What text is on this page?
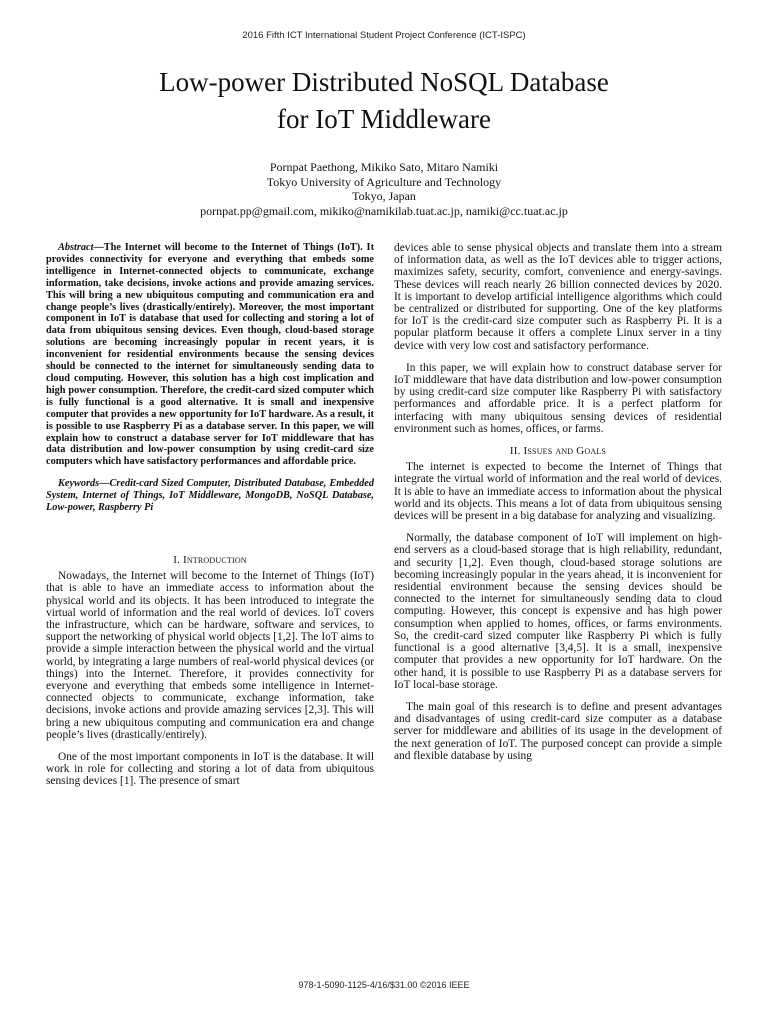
2016 Fifth ICT International Student Project Conference (ICT-ISPC)
Low-power Distributed NoSQL Database
for IoT Middleware
Pornpat Paethong, Mikiko Sato, Mitaro Namiki
Tokyo University of Agriculture and Technology
Tokyo, Japan
pornpat.pp@gmail.com, mikiko@namikilab.tuat.ac.jp, namiki@cc.tuat.ac.jp

Abstract—The Internet will become to the Internet of Things (IoT). It provides connectivity for everyone and everything that embeds some intelligence in Internet-connected objects to communicate, exchange information, take decisions, invoke actions and provide amazing services. This will bring a new ubiquitous computing and communication era and change people’s lives (drastically/entirely). Moreover, the most important component in IoT is database that used for collecting and storing a lot of data from ubiquitous sensing devices. Even though, cloud-based storage solutions are becoming increasingly popular in recent years, it is inconvenient for residential environments because the sensing devices should be connected to the internet for simultaneously sending data to cloud computing. However, this solution has a high cost implication and high power consumption. Therefore, the credit-card sized computer which is fully functional is a good alternative. It is small and inexpensive computer that provides a new opportunity for IoT hardware. As a result, it is possible to use Raspberry Pi as a database server. In this paper, we will explain how to construct a database server for IoT middleware that has data distribution and low-power consumption by using credit-card size computers which have satisfactory performances and affordable price.

Keywords—Credit-card Sized Computer, Distributed Database, Embedded System, Internet of Things, IoT Middleware, MongoDB, NoSQL Database, Low-power, Raspberry Pi

I. Introduction

Nowadays, the Internet will become to the Internet of Things (IoT) that is able to have an immediate access to information about the physical world and its objects. It has been introduced to integrate the virtual world of information and the real world of devices. IoT covers the infrastructure, which can be hardware, software and services, to support the networking of physical world objects [1,2]. The IoT aims to provide a simple interaction between the physical world and the virtual world, by integrating a large numbers of real-world physical devices (or things) into the Internet. Therefore, it provides connectivity for everyone and everything that embeds some intelligence in Internet-connected objects to communicate, exchange information, take decisions, invoke actions and provide amazing services [2,3]. This will bring a new ubiquitous computing and communication era and change people’s lives (drastically/entirely).

One of the most important components in IoT is the database. It will work in role for collecting and storing a lot of data from ubiquitous sensing devices [1]. The presence of smart

devices able to sense physical objects and translate them into a stream of information data, as well as the IoT devices able to trigger actions, maximizes safety, security, comfort, convenience and energy-savings. These devices will reach nearly 26 billion connected devices by 2020. It is important to develop artificial intelligence algorithms which could be centralized or distributed for supporting. One of the key platforms for IoT is the credit-card size computer such as Raspberry Pi. It is a popular platform because it offers a complete Linux server in a tiny device with very low cost and satisfactory performance.

In this paper, we will explain how to construct database server for IoT middleware that have data distribution and low-power consumption by using credit-card size computer like Raspberry Pi with satisfactory performances and affordable price. It is a perfect platform for interfacing with many ubiquitous sensing devices of residential environment such as homes, offices, or farms.

II. Issues and Goals

The internet is expected to become the Internet of Things that integrate the virtual world of information and the real world of devices. It is able to have an immediate access to information about the physical world and its objects. This means a lot of data from ubiquitous sensing devices will be present in a big database for analyzing and visualizing.

Normally, the database component of IoT will implement on high-end servers as a cloud-based storage that is high reliability, redundant, and security [1,2]. Even though, cloud-based storage solutions are becoming increasingly popular in the years ahead, it is inconvenient for residential environment because the sensing devices should be connected to the internet for simultaneously sending data to cloud computing. However, this concept is expensive and has high power consumption when applied to homes, offices, or farms environments. So, the credit-card sized computer like Raspberry Pi which is fully functional is a good alternative [3,4,5]. It is a small, inexpensive computer that provides a new opportunity for IoT hardware. On the other hand, it is possible to use Raspberry Pi as a database servers for IoT local-base storage.

The main goal of this research is to define and present advantages and disadvantages of using credit-card size computer as a database server for middleware and abilities of its usage in the development of the next generation of IoT. The purposed concept can provide a simple and flexible database by using

978-1-5090-1125-4/16/$31.00 ©2016 IEEE
